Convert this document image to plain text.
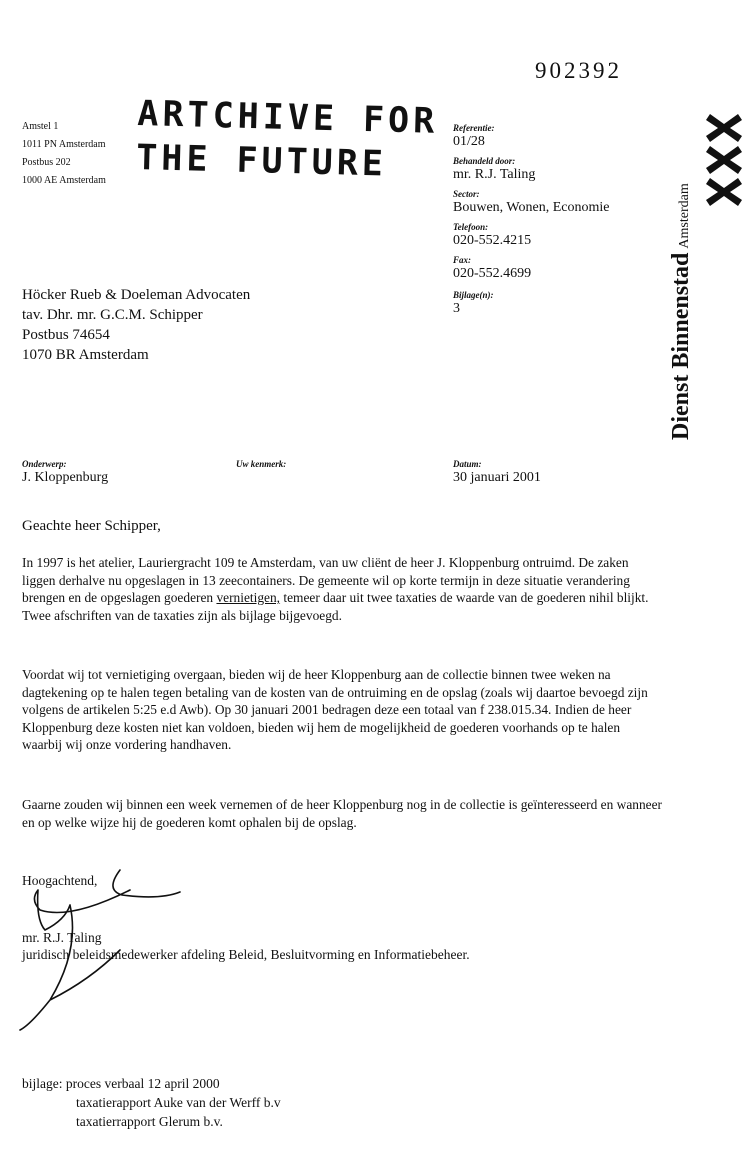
902392
Amstel 1
1011 PN Amsterdam
Postbus 202
1000 AE Amsterdam
ARTCHIVE FOR
THE FUTURE
Referentie:
01/28
Behandeld door:
mr. R.J. Taling
Sector:
Bouwen, Wonen, Economie
Telefoon:
020-552.4215
Fax:
020-552.4699
Bijlage(n):
3
Höcker Rueb & Doeleman Advocaten
tav. Dhr. mr. G.C.M. Schipper
Postbus 74654
1070 BR Amsterdam
Onderwerp:
J. Kloppenburg
Uw kenmerk:	Datum:
30 januari 2001
Geachte heer Schipper,

In 1997 is het atelier, Lauriergracht 109 te Amsterdam, van uw cliënt de heer J. Kloppenburg ontruimd. De zaken liggen derhalve nu opgeslagen in 13 zeecontainers. De gemeente wil op korte termijn in deze situatie verandering brengen en de opgeslagen goederen vernietigen, temeer daar uit twee taxaties de waarde van de goederen nihil blijkt. Twee afschriften van de taxaties zijn als bijlage bijgevoegd.

Voordat wij tot vernietiging overgaan, bieden wij de heer Kloppenburg aan de collectie binnen twee weken na dagtekening op te halen tegen betaling van de kosten van de ontruiming en de opslag (zoals wij daartoe bevoegd zijn volgens de artikelen 5:25 e.d Awb). Op 30 januari 2001 bedragen deze een totaal van f 238.015.34. Indien de heer Kloppenburg deze kosten niet kan voldoen, bieden wij hem de mogelijkheid de goederen voorhands op te halen waarbij wij onze vordering handhaven.

Gaarne zouden wij binnen een week vernemen of de heer Kloppenburg nog in de collectie is geïnteresseerd en wanneer en op welke wijze hij de goederen komt ophalen bij de opslag.

Hoogachtend,
mr. R.J. Taling
juridisch beleidsmedewerker afdeling Beleid, Besluitvorming en Informatiebeheer.
bijlage: proces verbaal 12 april 2000
taxatierapport Auke van der Werff b.v
taxatierrapport Glerum b.v.
Dienst BinnenstadAmsterdam
